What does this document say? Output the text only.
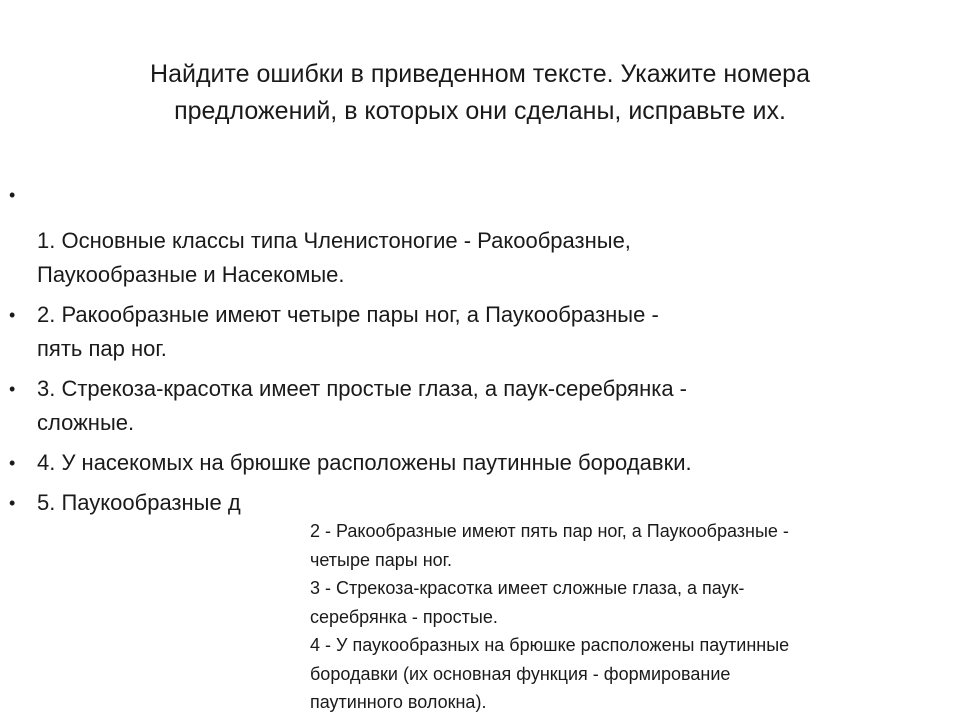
Найдите ошибки в приведенном тексте. Укажите номера
предложений, в которых они сделаны, исправьте их.
•
1. Основные классы типа Членистоногие - Ракообразные,
Паукообразные и Насекомые.
• 2. Ракообразные имеют четыре пары ног, а Паукообразные -
пять пар ног.
• 3. Стрекоза-красотка имеет простые глаза, а паук-серебрянка -
сложные.
• 4. У насекомых на брюшке расположены паутинные бородавки.
• 5. Паукообразные д
2 - Ракообразные имеют пять пар ног, а Паукообразные -
четыре пары ног.
3 - Стрекоза-красотка имеет сложные глаза, а паук-
серебрянка - простые.
4 - У паукообразных на брюшке расположены паутинные
бородавки (их основная функция - формирование
паутинного волокна).
